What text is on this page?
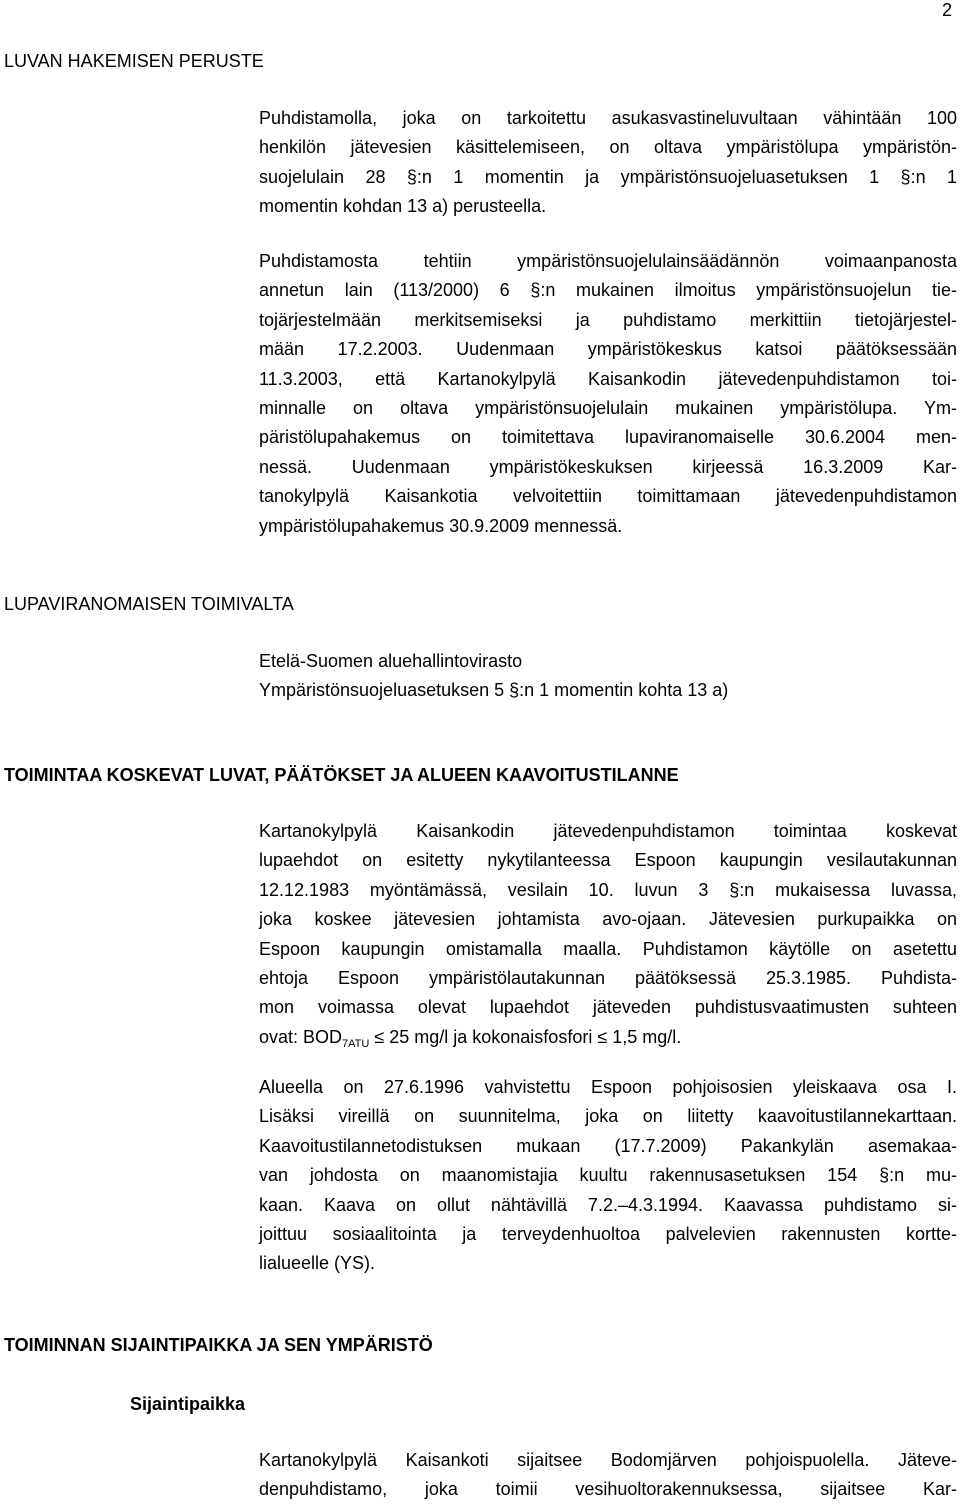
2
LUVAN HAKEMISEN PERUSTE

Puhdistamolla, joka on tarkoitettu asukasvastineluvultaan vähintään 100
henkilön jätevesien käsittelemiseen, on oltava ympäristölupa ympäristön-
suojelulain 28 §:n 1 momentin ja ympäristönsuojeluasetuksen 1 §:n 1
momentin kohdan 13 a) perusteella.

Puhdistamosta tehtiin ympäristönsuojelulainsäädännön voimaanpanosta
annetun lain (113/2000) 6 §:n mukainen ilmoitus ympäristönsuojelun tie-
tojärjestelmään merkitsemiseksi ja puhdistamo merkittiin tietojärjestel-
mään 17.2.2003. Uudenmaan ympäristökeskus katsoi päätöksessään
11.3.2003, että Kartanokylpylä Kaisankodin jätevedenpuhdistamon toi-
minnalle on oltava ympäristönsuojelulain mukainen ympäristölupa. Ym-
päristölupahakemus on toimitettava lupaviranomaiselle 30.6.2004 men-
nessä. Uudenmaan ympäristökeskuksen kirjeessä 16.3.2009 Kar-
tanokylpylä Kaisankotia velvoitettiin toimittamaan jätevedenpuhdistamon
ympäristölupahakemus 30.9.2009 mennessä.

LUPAVIRANOMAISEN TOIMIVALTA

Etelä-Suomen aluehallintovirasto
Ympäristönsuojeluasetuksen 5 §:n 1 momentin kohta 13 a)

TOIMINTAA KOSKEVAT LUVAT, PÄÄTÖKSET JA ALUEEN KAAVOITUSTILANNE

Kartanokylpylä Kaisankodin jätevedenpuhdistamon toimintaa koskevat
lupaehdot on esitetty nykytilanteessa Espoon kaupungin vesilautakunnan
12.12.1983 myöntämässä, vesilain 10. luvun 3 §:n mukaisessa luvassa,
joka koskee jätevesien johtamista avo-ojaan. Jätevesien purkupaikka on
Espoon kaupungin omistamalla maalla. Puhdistamon käytölle on asetettu
ehtoja Espoon ympäristölautakunnan päätöksessä 25.3.1985. Puhdista-
mon voimassa olevat lupaehdot jäteveden puhdistusvaatimusten suhteen
ovat: $BOD_{7ATU} \le 25$ mg/l ja kokonaisfosfori ≤ 1,5 mg/l.

Alueella on 27.6.1996 vahvistettu Espoon pohjoisosien yleiskaava osa I.
Lisäksi vireillä on suunnitelma, joka on liitetty kaavoitustilannekarttaan.
Kaavoitustilannetodistuksen mukaan (17.7.2009) Pakankylän asemakaa-
van johdosta on maanomistajia kuultu rakennusasetuksen 154 §:n mu-
kaan. Kaava on ollut nähtävillä 7.2.–4.3.1994. Kaavassa puhdistamo si-
joittuu sosiaalitointa ja terveydenhuoltoa palvelevien rakennusten kortte-
lialueelle (YS).

TOIMINNAN SIJAINTIPAIKKA JA SEN YMPÄRISTÖ
Sijaintipaikka

Kartanokylpylä Kaisankoti sijaitsee Bodomjärven pohjoispuolella. Jäteve-
denpuhdistamo, joka toimii vesihuoltorakennuksessa, sijaitsee Kar-
